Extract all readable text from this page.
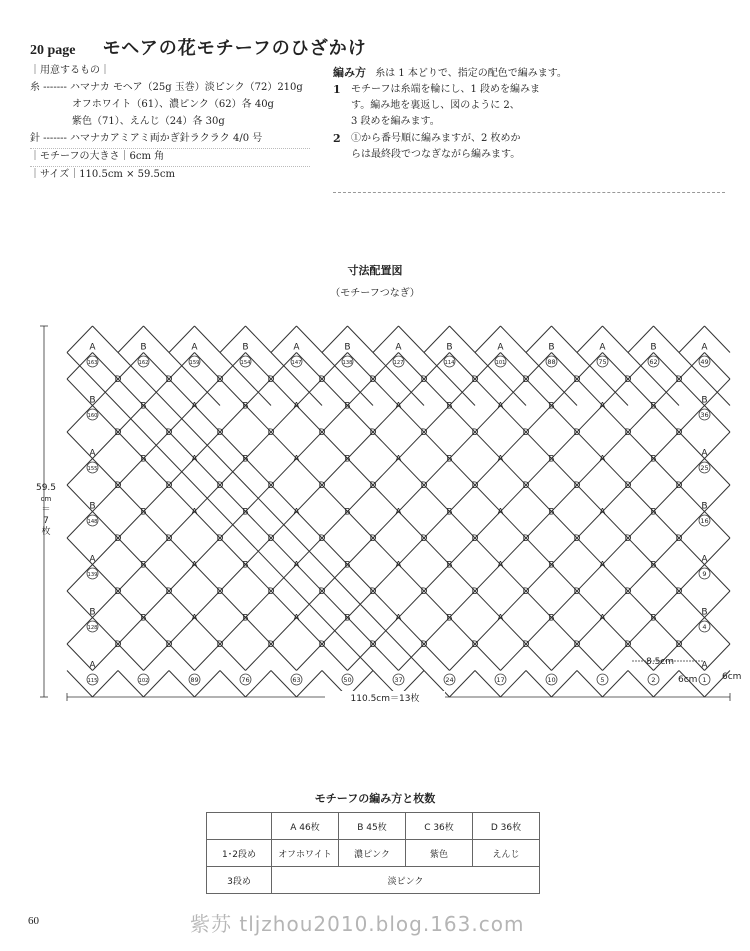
20 page モヘアの花モチーフのひざかけ
｜用意するもの｜
糸 ------- ハマナカ モヘア（25g 玉巻）淡ピンク（72）210g
オフホワイト（61）、濃ピンク（62）各 40g
紫色（71）、えんじ（24）各 30g
針 ------- ハマナカアミアミ両かぎ針ラクラク 4/0 号
｜モチーフの大きさ｜6cm 角
｜サイズ｜110.5cm × 59.5cm
編み方 糸は 1 本どりで、指定の配色で編みます。
1 モチーフは糸端を輪にし、1 段めを編みま
す。編み地を裏返し、図のように 2、
3 段めを編みます。
2 ①から番号順に編みますが、2 枚めか
らは最終段でつなぎながら編みます。
寸法配置図
（モチーフつなぎ）
A
163
B
162
A
159
B
154
A
147
B
138
A
127
B
114
A
101
B
88
A
75
B
62
A
49
D	D	D	D	D	D	D	D	D	D	D	D
B	A	B	A	B	A	B	A	B	A	B
D	D	D	D	D	D	D	D	D	D	D	D
B	A	B	A	B	A	B	A	B	A	B
D	D	D	D	D	D	D	D	D	D	D	D
B	A	B	A	B	A	B	A	B	A	B
D	D	D	D	D	D	D	D	D	D	D	D
B	A	B	A	B	A	B	A	B	A	B
D	D	D	D	D	D	D	D	D	D	D	D
B	A	B	A	B	A	B	A	B	A	B
D	D	D	D	D	D	D	D	D	D	D	D
B
160
A
155
B
148
A
139
B
128
A
115
B
36
A
25
B
16
A
9
B
4
A
1
102	89	76	63	50	37	24	17	10	5	2
59.5
cm
＝
7
枚
110.5cm＝13枚
8.5cm
6cm	6cm
モチーフの編み方と枚数
	A 46枚	B 45枚	C 36枚	D 36枚
1･2段め	オフホワイト	濃ピンク	紫色	えんじ
3段め	淡ピンク			
60	紫苏 tljzhou2010.blog.163.com
